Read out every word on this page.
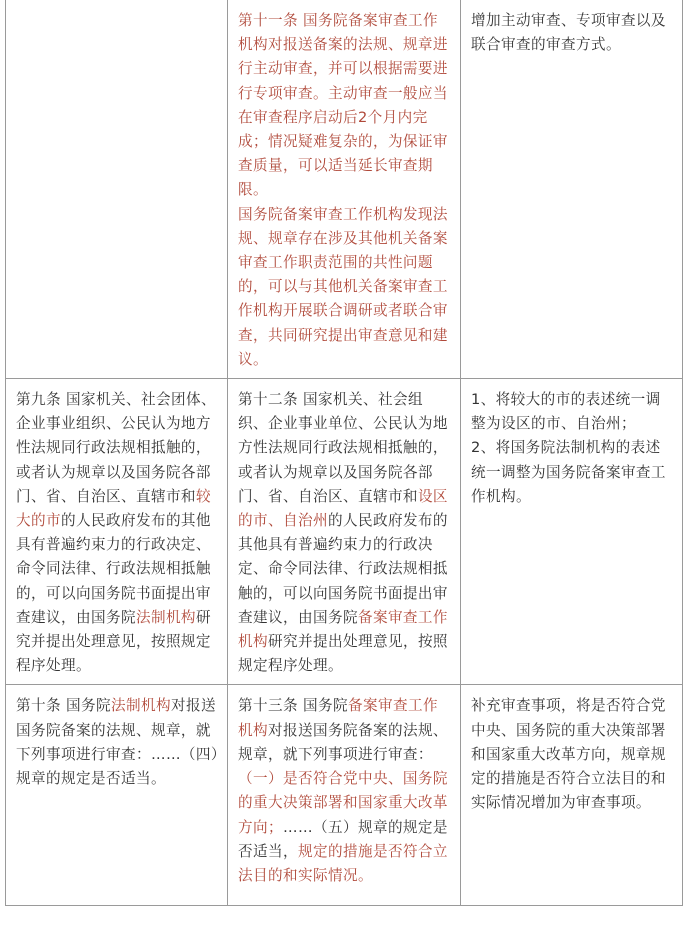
	第十一条 国务院备案审查工作机构对报送备案的法规、规章进行主动审查，并可以根据需要进行专项审查。主动审查一般应当在审查程序启动后2个月内完成；情况疑难复杂的，为保证审查质量，可以适当延长审查期限。

国务院备案审查工作机构发现法规、规章存在涉及其他机关备案审查工作职责范围的共性问题的，可以与其他机关备案审查工作机构开展联合调研或者联合审查，共同研究提出审查意见和建议。	增加主动审查、专项审查以及联合审查的审查方式。

第九条 国家机关、社会团体、企业事业组织、公民认为地方性法规同行政法规相抵触的，或者认为规章以及国务院各部门、省、自治区、直辖市和较大的市的人民政府发布的其他具有普遍约束力的行政决定、命令同法律、行政法规相抵触的，可以向国务院书面提出审查建议，由国务院法制机构研究并提出处理意见，按照规定程序处理。	第十二条 国家机关、社会组织、企业事业单位、公民认为地方性法规同行政法规相抵触的，或者认为规章以及国务院各部门、省、自治区、直辖市和设区的市、自治州的人民政府发布的其他具有普遍约束力的行政决定、命令同法律、行政法规相抵触的，可以向国务院书面提出审查建议，由国务院备案审查工作机构研究并提出处理意见，按照规定程序处理。	1、将较大的市的表述统一调整为设区的市、自治州；

2、将国务院法制机构的表述统一调整为国务院备案审查工作机构。

第十条 国务院法制机构对报送国务院备案的法规、规章，就下列事项进行审查：……（四）规章的规定是否适当。	第十三条 国务院备案审查工作机构对报送国务院备案的法规、规章，就下列事项进行审查：

（一）是否符合党中央、国务院的重大决策部署和国家重大改革方向；……（五）规章的规定是否适当，规定的措施是否符合立法目的和实际情况。	补充审查事项，将是否符合党中央、国务院的重大决策部署和国家重大改革方向，规章规定的措施是否符合立法目的和实际情况增加为审查事项。
